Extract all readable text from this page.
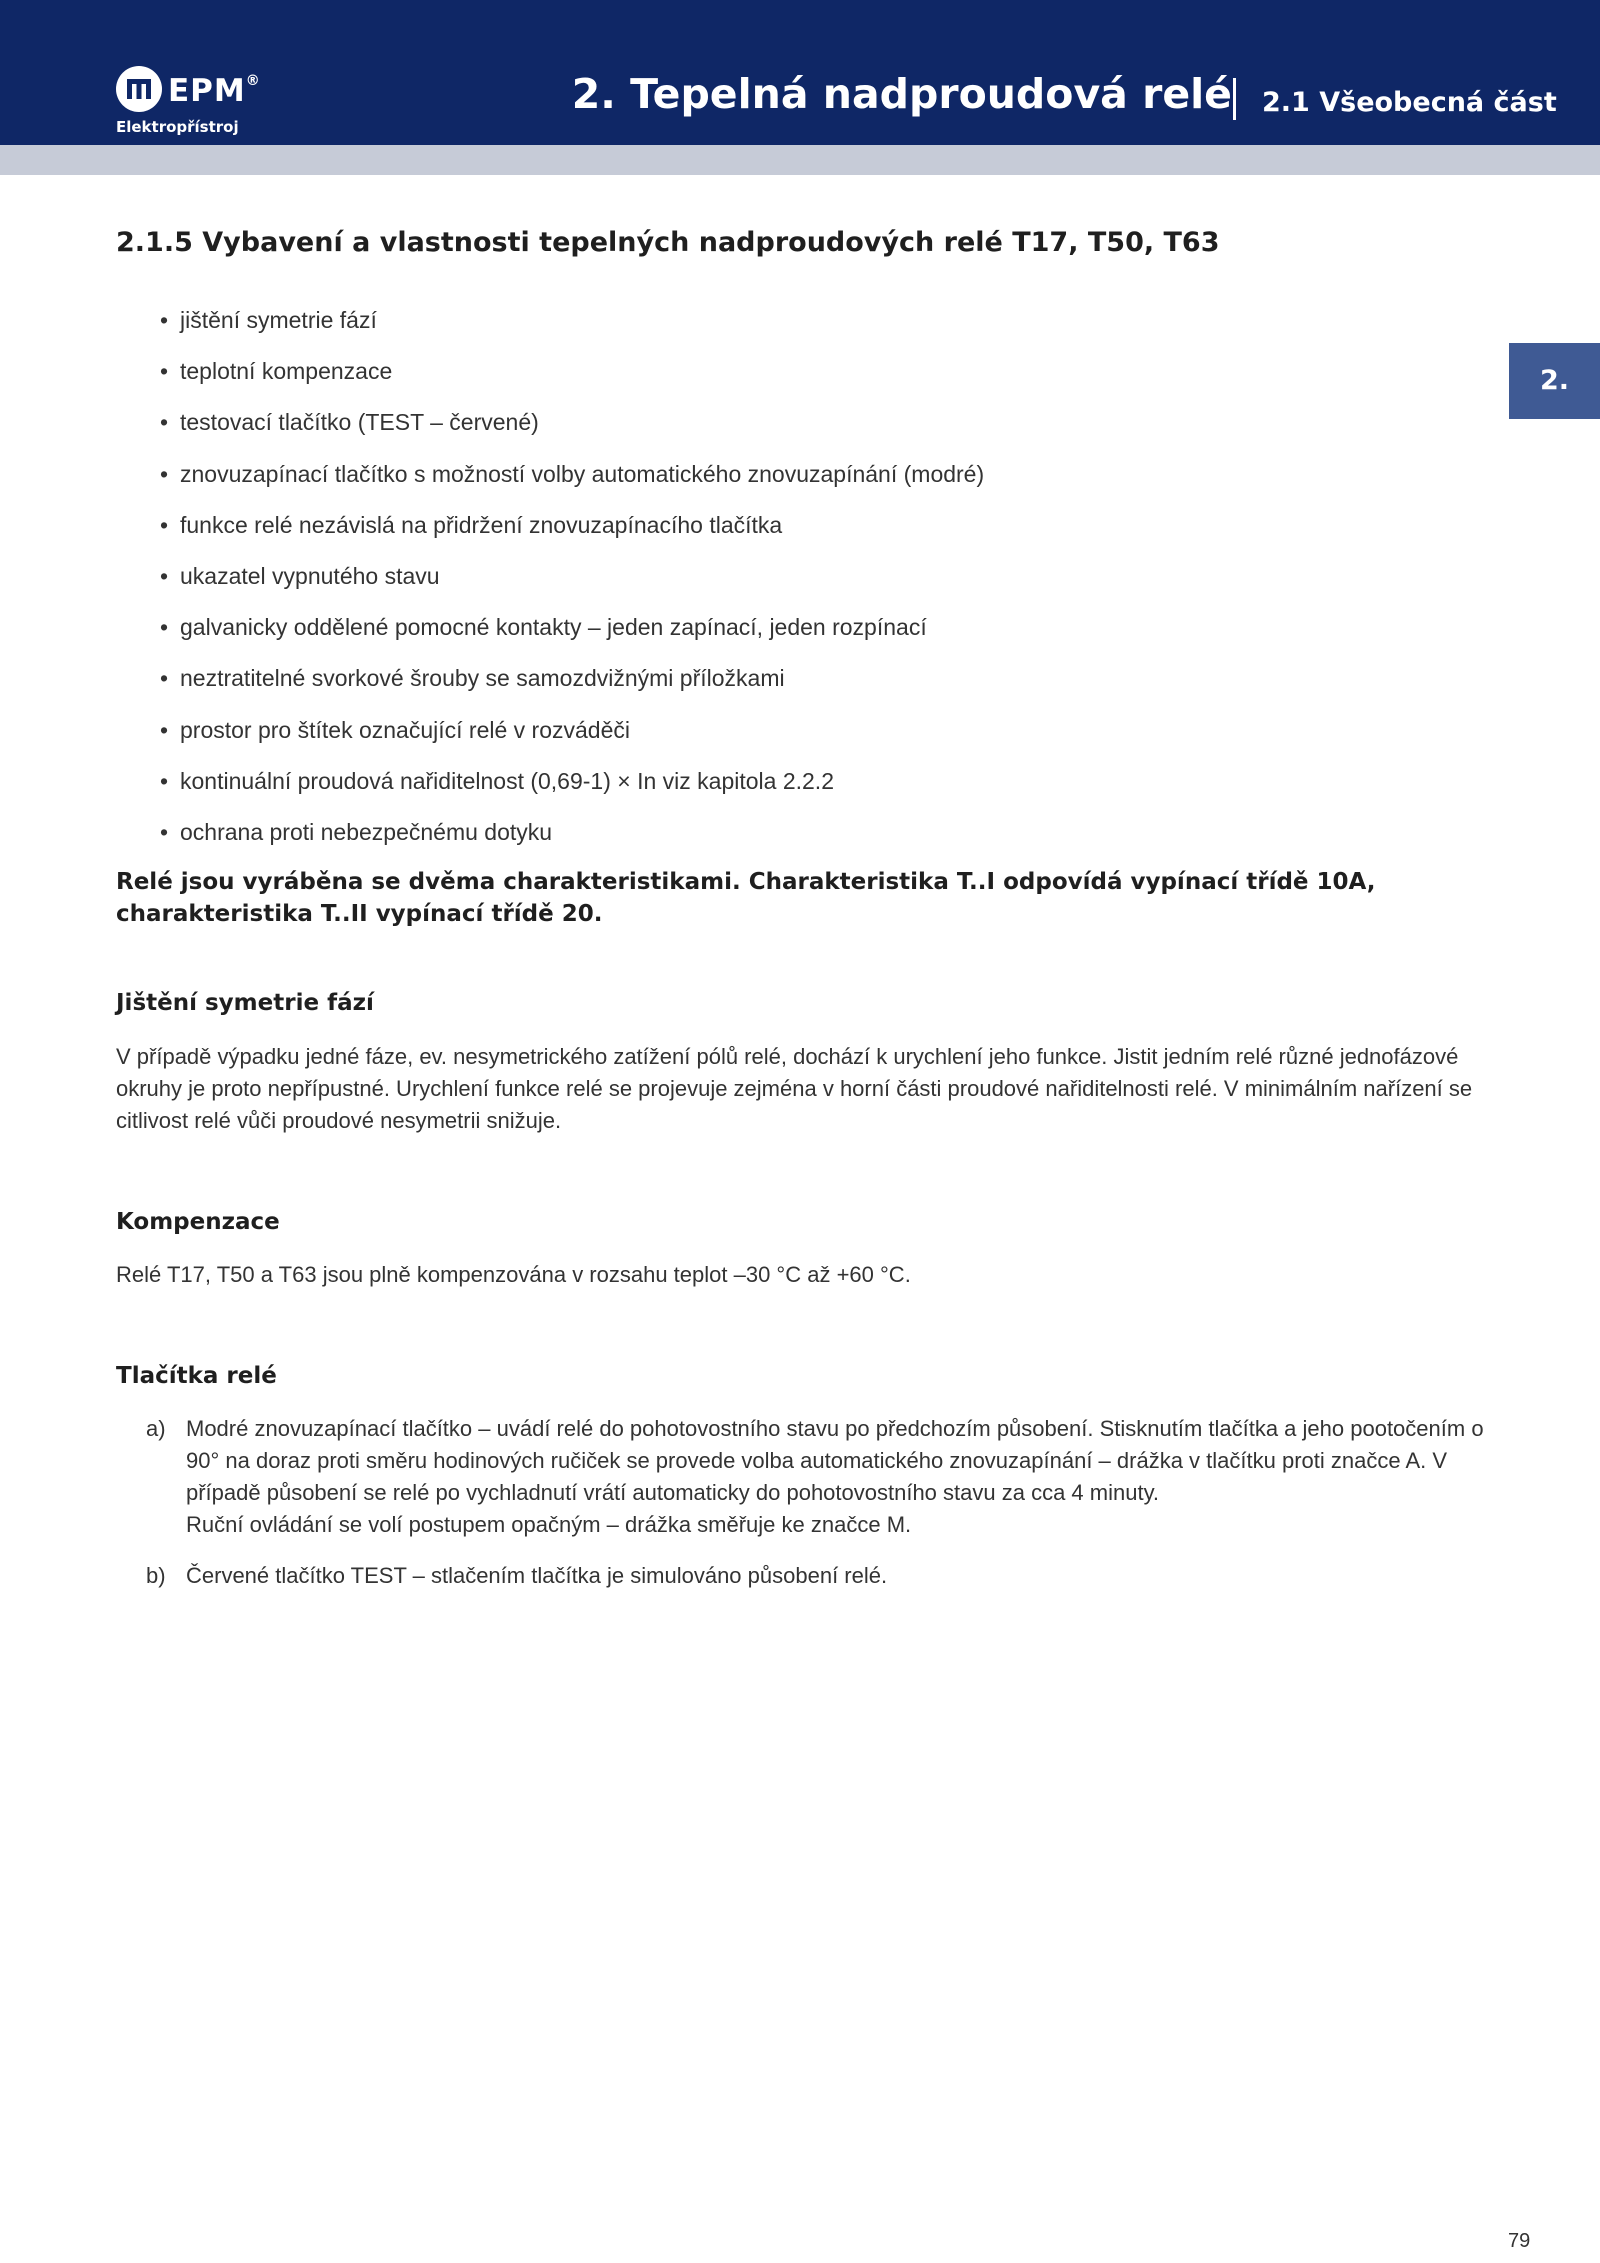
EPM®
Elektropřístroj
2. Tepelná nadproudová relé 2.1 Všeobecná část
2.
2.1.5 Vybavení a vlastnosti tepelných nadproudových relé T17, T50, T63
• jištění symetrie fází
• teplotní kompenzace
• testovací tlačítko (TEST – červené)
• znovuzapínací tlačítko s možností volby automatického znovuzapínání (modré)
• funkce relé nezávislá na přidržení znovuzapínacího tlačítka
• ukazatel vypnutého stavu
• galvanicky oddělené pomocné kontakty – jeden zapínací, jeden rozpínací
• neztratitelné svorkové šrouby se samozdvižnými příložkami
• prostor pro štítek označující relé v rozváděči
• kontinuální proudová nařiditelnost (0,69-1) × In viz kapitola 2.2.2
• ochrana proti nebezpečnému dotyku
Relé jsou vyráběna se dvěma charakteristikami. Charakteristika T..I odpovídá vypínací třídě 10A, charakteristika T..II vypínací třídě 20.
Jištění symetrie fází
V případě výpadku jedné fáze, ev. nesymetrického zatížení pólů relé, dochází k urychlení jeho funkce. Jistit jedním relé různé jednofázové okruhy je proto nepřípustné. Urychlení funkce relé se projevuje zejména v horní části proudové nařiditelnosti relé. V minimálním nařízení se citlivost relé vůči proudové nesymetrii snižuje.
Kompenzace
Relé T17, T50 a T63 jsou plně kompenzována v rozsahu teplot –30 °C až +60 °C.
Tlačítka relé
a) Modré znovuzapínací tlačítko – uvádí relé do pohotovostního stavu po předchozím působení. Stisknutím tlačítka a jeho pootočením o 90° na doraz proti směru hodinových ručiček se provede volba automatického znovuzapínání – drážka v tlačítku proti značce A. V případě působení se relé po vychladnutí vrátí automaticky do pohotovostního stavu za cca 4 minuty.
Ruční ovládání se volí postupem opačným – drážka směřuje ke značce M.
b) Červené tlačítko TEST – stlačením tlačítka je simulováno působení relé.
79
